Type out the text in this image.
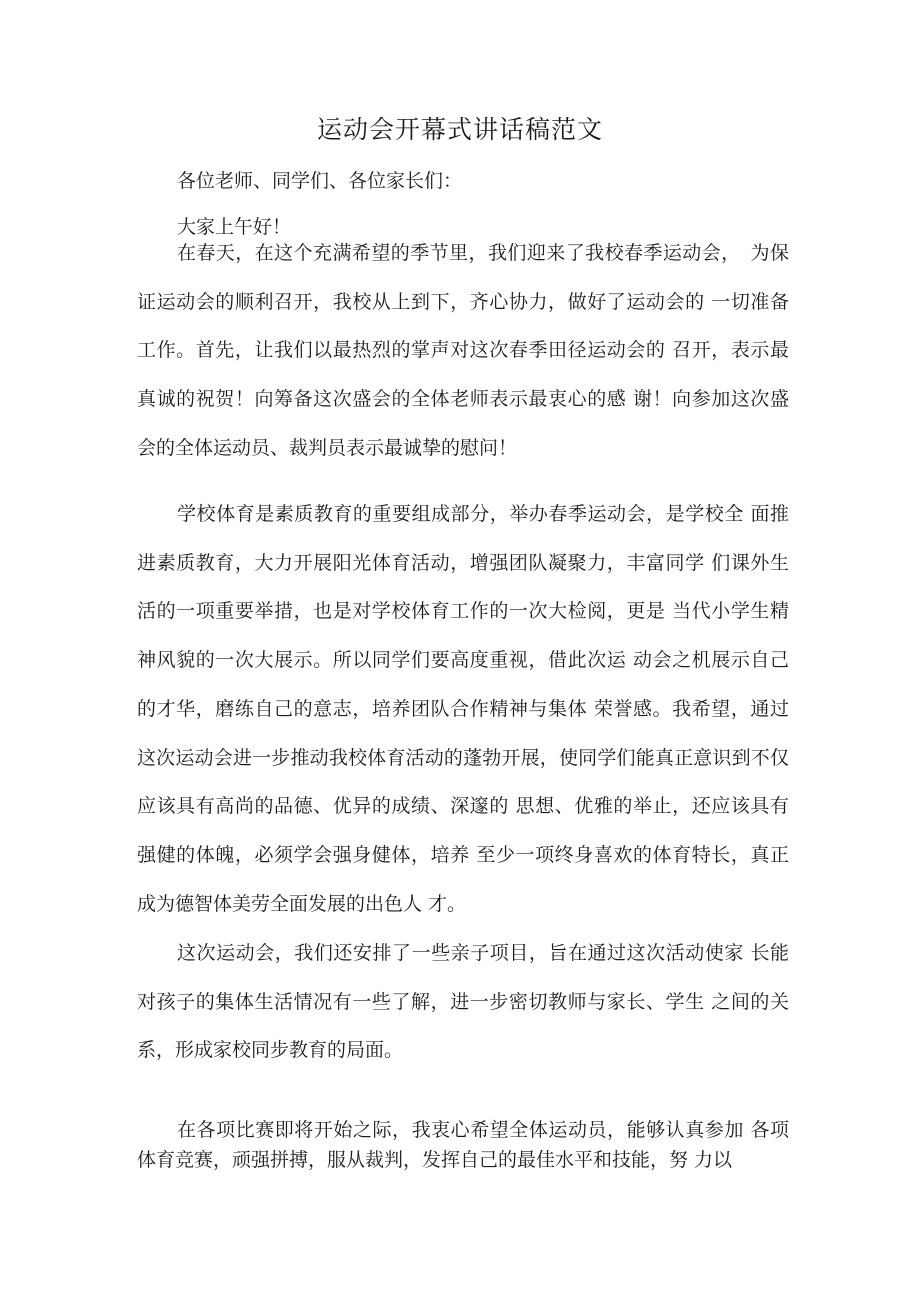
运动会开幕式讲话稿范文

各位老师、同学们、各位家长们：

大家上午好！

在春天，在这个充满希望的季节里，我们迎来了我校春季运动会，　为保证运动会的顺利召开，我校从上到下，齐心协力，做好了运动会的 一切准备工作。首先，让我们以最热烈的掌声对这次春季田径运动会的 召开，表示最真诚的祝贺！向筹备这次盛会的全体老师表示最衷心的感 谢！向参加这次盛会的全体运动员、裁判员表示最诚挚的慰问！

学校体育是素质教育的重要组成部分，举办春季运动会，是学校全 面推进素质教育，大力开展阳光体育活动，增强团队凝聚力，丰富同学 们课外生活的一项重要举措，也是对学校体育工作的一次大检阅，更是 当代小学生精神风貌的一次大展示。所以同学们要高度重视，借此次运 动会之机展示自己的才华，磨练自己的意志，培养团队合作精神与集体 荣誉感。我希望，通过这次运动会进一步推动我校体育活动的蓬勃开展，使同学们能真正意识到不仅应该具有高尚的品德、优异的成绩、深邃的 思想、优雅的举止，还应该具有强健的体魄，必须学会强身健体，培养 至少一项终身喜欢的体育特长，真正成为德智体美劳全面发展的出色人 才。

这次运动会，我们还安排了一些亲子项目，旨在通过这次活动使家 长能对孩子的集体生活情况有一些了解，进一步密切教师与家长、学生 之间的关系，形成家校同步教育的局面。

在各项比赛即将开始之际，我衷心希望全体运动员，能够认真参加 各项体育竞赛，顽强拼搏，服从裁判，发挥自己的最佳水平和技能，努 力以
